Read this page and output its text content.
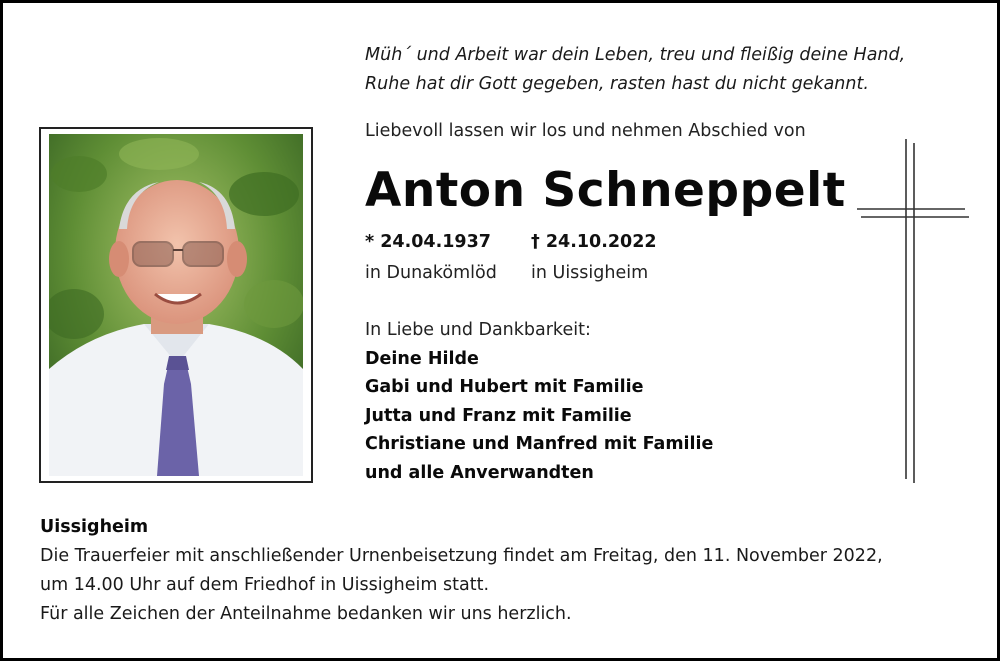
Müh´ und Arbeit war dein Leben, treu und fleißig deine Hand,
Ruhe hat dir Gott gegeben, rasten hast du nicht gekannt.
Liebevoll lassen wir los und nehmen Abschied von
Anton Schneppelt
* 24.04.1937 † 24.10.2022
in Dunakömlöd in Uissigheim
In Liebe und Dankbarkeit:
Deine Hilde
Gabi und Hubert mit Familie
Jutta und Franz mit Familie
Christiane und Manfred mit Familie
und alle Anverwandten
Uissigheim
Die Trauerfeier mit anschließender Urnenbeisetzung findet am Freitag, den 11. November 2022,
um 14.00 Uhr auf dem Friedhof in Uissigheim statt.
Für alle Zeichen der Anteilnahme bedanken wir uns herzlich.
